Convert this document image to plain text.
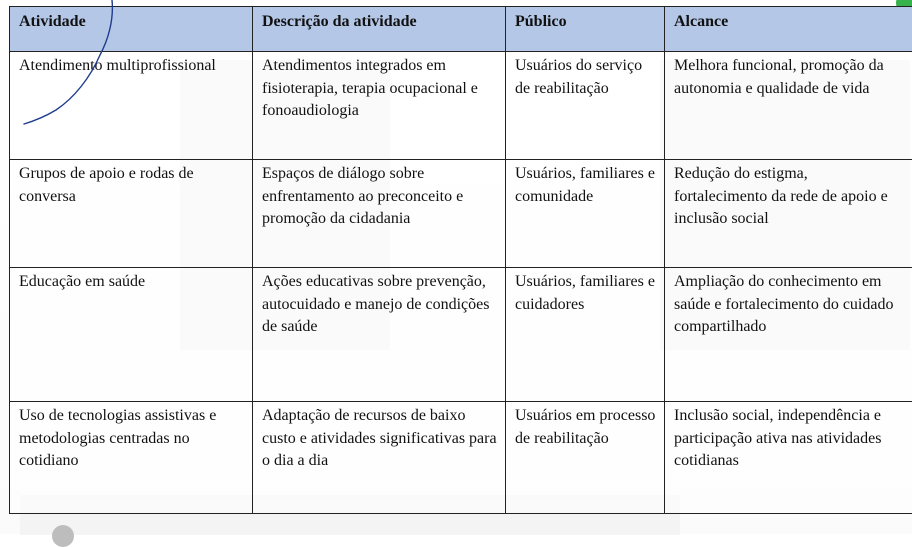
Atividade	Descrição da atividade	Público	Alcance
Atendimento multiprofissional	Atendimentos integrados em fisioterapia, terapia ocupacional e fonoaudiologia	Usuários do serviço de reabilitação	Melhora funcional, promoção da autonomia e qualidade de vida
Grupos de apoio e rodas de conversa	Espaços de diálogo sobre enfrentamento ao preconceito e promoção da cidadania	Usuários, familiares e comunidade	Redução do estigma, fortalecimento da rede de apoio e inclusão social
Educação em saúde	Ações educativas sobre prevenção, autocuidado e manejo de condições de saúde	Usuários, familiares e cuidadores	Ampliação do conhecimento em saúde e fortalecimento do cuidado compartilhado
Uso de tecnologias assistivas e metodologias centradas no cotidiano	Adaptação de recursos de baixo custo e atividades significativas para o dia a dia	Usuários em processo de reabilitação	Inclusão social, independência e participação ativa nas atividades cotidianas
